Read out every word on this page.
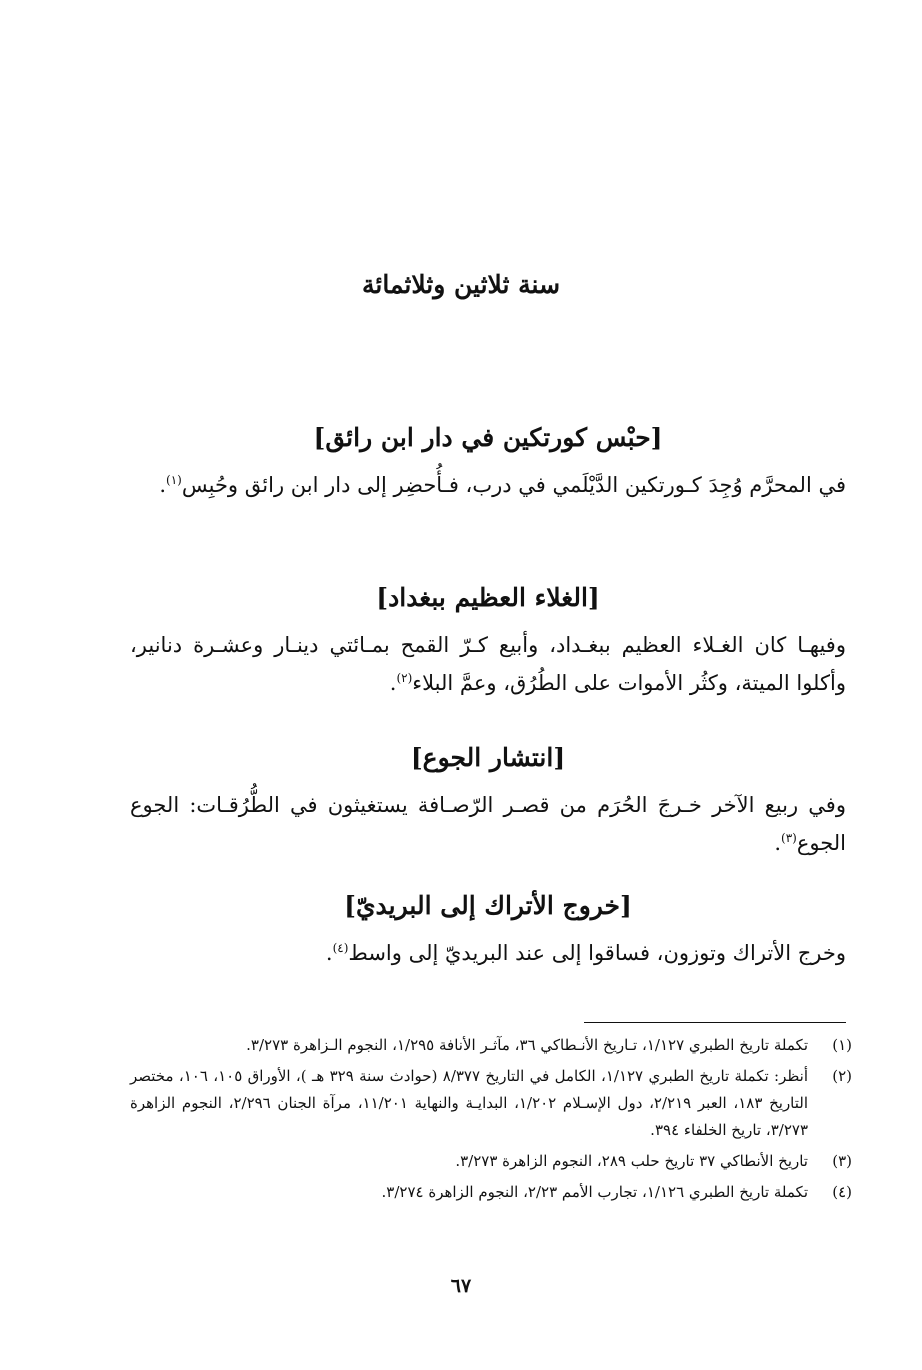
سنة ثلاثين وثلاثمائة
[حبْس كورتكين في دار ابن رائق]

في المحرَّم وُجِدَ كـورتكين الدَّيْلَمي في درب، فـأُحضِر إلى دار ابن رائق وحُبِس$^{(١)}$.

[الغلاء العظيم ببغداد]

وفيهـا كان الغـلاء العظيم ببغـداد، وأبيع كـرّ القمح بمـائتي دينـار وعشـرة دنانير، وأكلوا الميتة، وكثُر الأموات على الطُرُق، وعمَّ البلاء$^{(٢)}$.

[انتشار الجوع]

وفي ربيع الآخر خـرجَ الحُرَم من قصـر الرّصـافة يستغيثون في الطُّرُقـات: الجوع الجوع$^{(٣)}$.

[خروج الأتراك إلى البريديّ]

وخرج الأتراك وتوزون، فساقوا إلى عند البريديّ إلى واسط$^{(٤)}$.

(١)
تكملة تاريخ الطبري ١/١٢٧، تـاريخ الأنـطاكي ٣٦، مآثـر الأنافة ١/٢٩٥، النجوم الـزاهرة ٣/٢٧٣.
(٢)
أنظر: تكملة تاريخ الطبري ١/١٢٧، الكامل في التاريخ ٨/٣٧٧ (حوادث سنة ٣٢٩ هـ )، الأوراق ١٠٥، ١٠٦، مختصر التاريخ ١٨٣، العبر ٢/٢١٩، دول الإسـلام ١/٢٠٢، البدايـة والنهاية ١١/٢٠١، مرآة الجنان ٢/٢٩٦، النجوم الزاهرة ٣/٢٧٣، تاريخ الخلفاء ٣٩٤.
(٣)
تاريخ الأنطاكي ٣٧ تاريخ حلب ٢٨٩، النجوم الزاهرة ٣/٢٧٣.
(٤)
تكملة تاريخ الطبري ١/١٢٦، تجارب الأمم ٢/٢٣، النجوم الزاهرة ٣/٢٧٤.
٦٧
